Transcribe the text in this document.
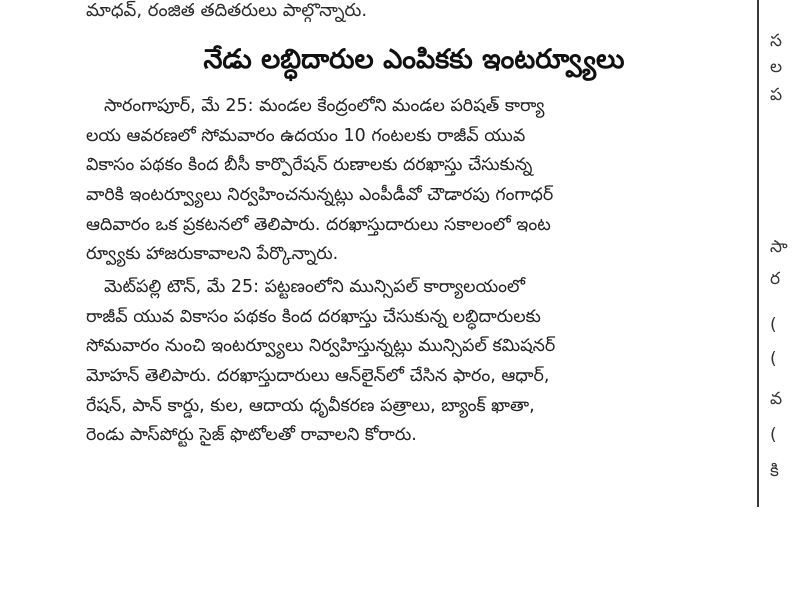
మాధవ్, రంజిత తదితరులు పాల్గొన్నారు.
నేడు లబ్ధిదారుల ఎంపికకు ఇంటర్వ్యూలు
సారంగాపూర్, మే 25: మండల కేంద్రంలోని మండల పరిషత్ కార్యా
లయ ఆవరణలో సోమవారం ఉదయం 10 గంటలకు రాజీవ్ యువ
వికాసం పథకం కింద బీసీ కార్పొరేషన్ రుణాలకు దరఖాస్తు చేసుకున్న
వారికి ఇంటర్వ్యూలు నిర్వహించనున్నట్లు ఎంపీడీవో చౌడారపు గంగాధర్
ఆదివారం ఒక ప్రకటనలో తెలిపారు. దరఖాస్తుదారులు సకాలంలో ఇంట
ర్వ్యూకు హాజరుకావాలని పేర్కొన్నారు.
మెట్‌పల్లి టౌన్, మే 25: పట్టణంలోని మున్సిపల్ కార్యాలయంలో
రాజీవ్ యువ వికాసం పథకం కింద దరఖాస్తు చేసుకున్న లబ్ధిదారులకు
సోమవారం నుంచి ఇంటర్వ్యూలు నిర్వహిస్తున్నట్లు మున్సిపల్ కమిషనర్
మోహన్ తెలిపారు. దరఖాస్తుదారులు ఆన్‌లైన్‌లో చేసిన ఫారం, ఆధార్,
రేషన్, పాన్ కార్డు, కుల, ఆదాయ ధృవీకరణ పత్రాలు, బ్యాంక్ ఖాతా,
రెండు పాస్‌పోర్టు సైజ్ ఫొటోలతో రావాలని కోరారు.
స
ల
ప
సా
ర
(
(
వ
(
కి
